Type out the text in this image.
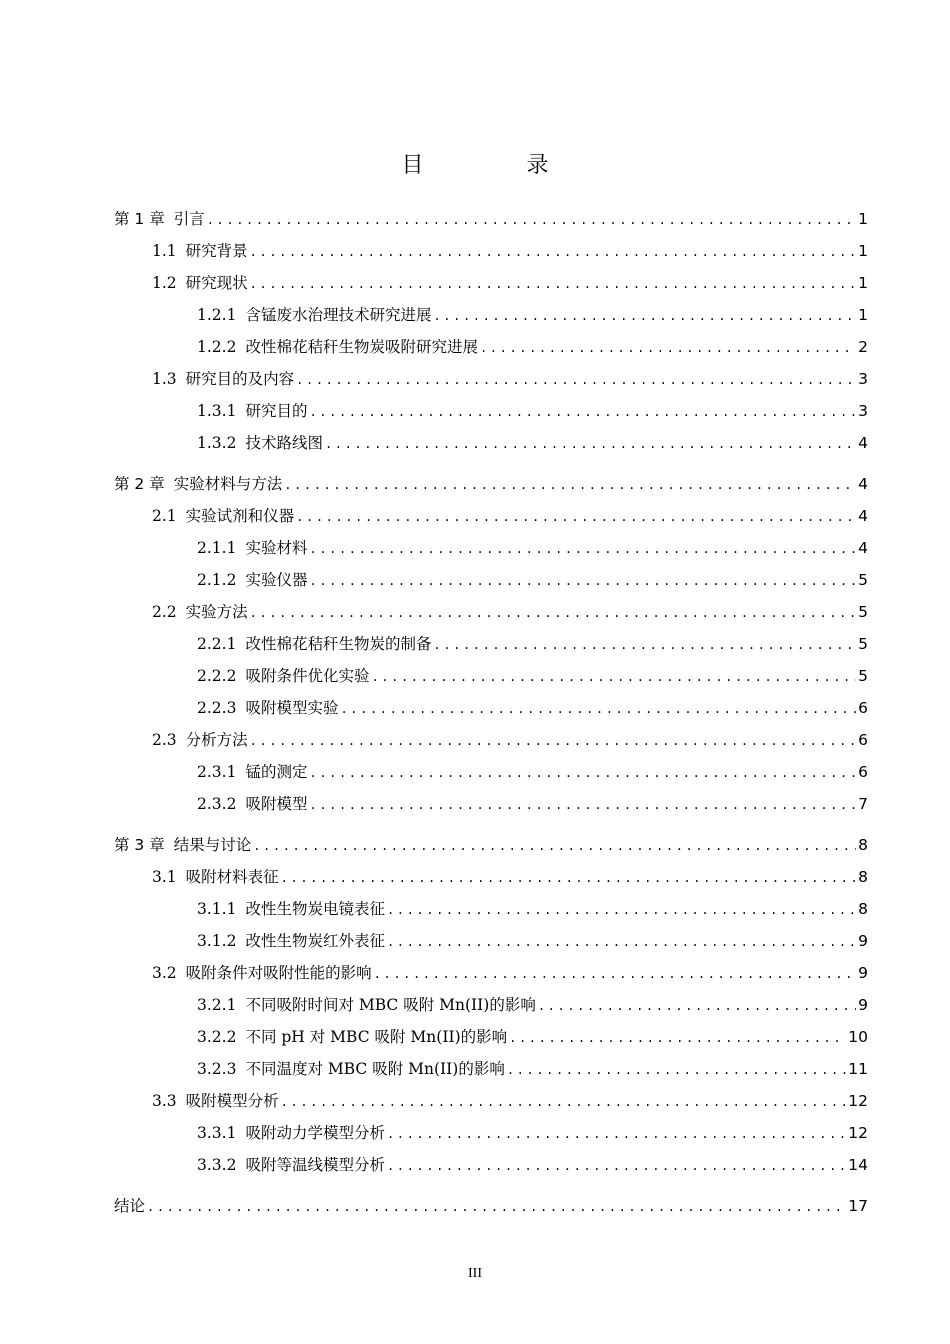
目 录
第 1 章 引言 .....	1
1.1 研究背景 .....	1
1.2 研究现状 .....	1
1.2.1 含锰废水治理技术研究进展 .....	1
1.2.2 改性棉花秸秆生物炭吸附研究进展 .....	2
1.3 研究目的及内容 .....	3
1.3.1 研究目的 .....	3
1.3.2 技术路线图 .....	4
第 2 章 实验材料与方法 .....	4
2.1 实验试剂和仪器 .....	4
2.1.1 实验材料 .....	4
2.1.2 实验仪器 .....	5
2.2 实验方法 .....	5
2.2.1 改性棉花秸秆生物炭的制备 .....	5
2.2.2 吸附条件优化实验 .....	5
2.2.3 吸附模型实验 .....	6
2.3 分析方法 .....	6
2.3.1 锰的测定 .....	6
2.3.2 吸附模型 .....	7
第 3 章 结果与讨论 .....	8
3.1 吸附材料表征 .....	8
3.1.1 改性生物炭电镜表征 .....	8
3.1.2 改性生物炭红外表征 .....	9
3.2 吸附条件对吸附性能的影响 .....	9
3.2.1 不同吸附时间对 MBC 吸附 Mn(II)的影响 .....	9
3.2.2 不同 pH 对 MBC 吸附 Mn(II)的影响 .....	10
3.2.3 不同温度对 MBC 吸附 Mn(II)的影响 .....	11
3.3 吸附模型分析 .....	12
3.3.1 吸附动力学模型分析 .....	12
3.3.2 吸附等温线模型分析 .....	14
结论 .....	17
III
